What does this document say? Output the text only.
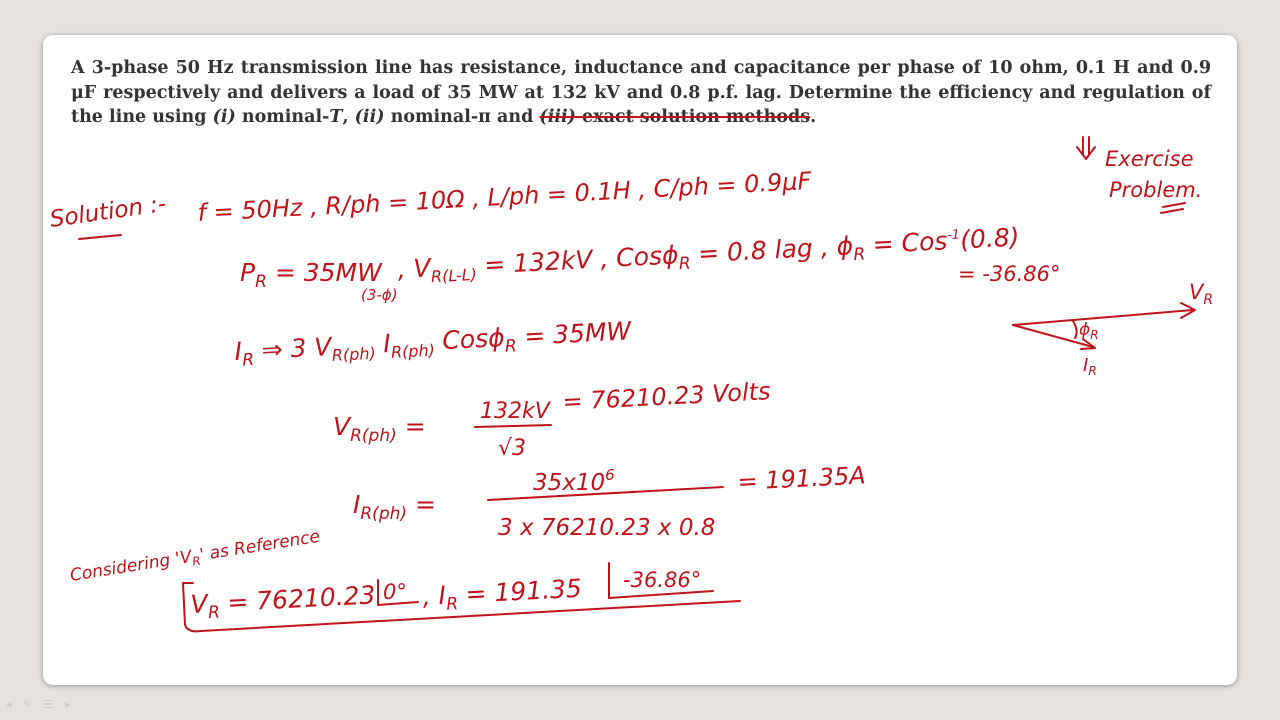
A 3-phase 50 Hz transmission line has resistance, inductance and capacitance per phase of 10 ohm, 0.1 H and 0.9 μF respectively and delivers a load of 35 MW at 132 kV and 0.8 p.f. lag. Determine the efficiency and regulation of the line using (i) nominal-T, (ii) nominal-π and (iii) exact solution methods.
Exercise
Problem.
Solution :- f = 50Hz , R/ph = 10Ω , L/ph = 0.1H , C/ph = 0.9μF
$P_R = 35MW$
(3-ϕ)
, $V_{R(L-L)} = 132kV$ , Cosϕ$_R$ = 0.8 lag , $\phi_R = Cos^{-1}(0.8)$
= -36.86°
$V_R$
$\phi_R$
$I_R$
$I_R$ ⇒ 3 $V_{R(ph)}$ $I_{R(ph)}$ Cosϕ$_R$ = 35MW
$V_{R(ph)}$ =
132kV
√3
= 76210.23 Volts
$I_{R(ph)}$ =
$35x10^6$
3 x 76210.23 x 0.8
= 191.35A
Considering '$V_R$' as Reference
$V_R = 76210.23$ 0° , $I_R = 191.35$ -36.86°
◂ ✎ ☰ ▸
